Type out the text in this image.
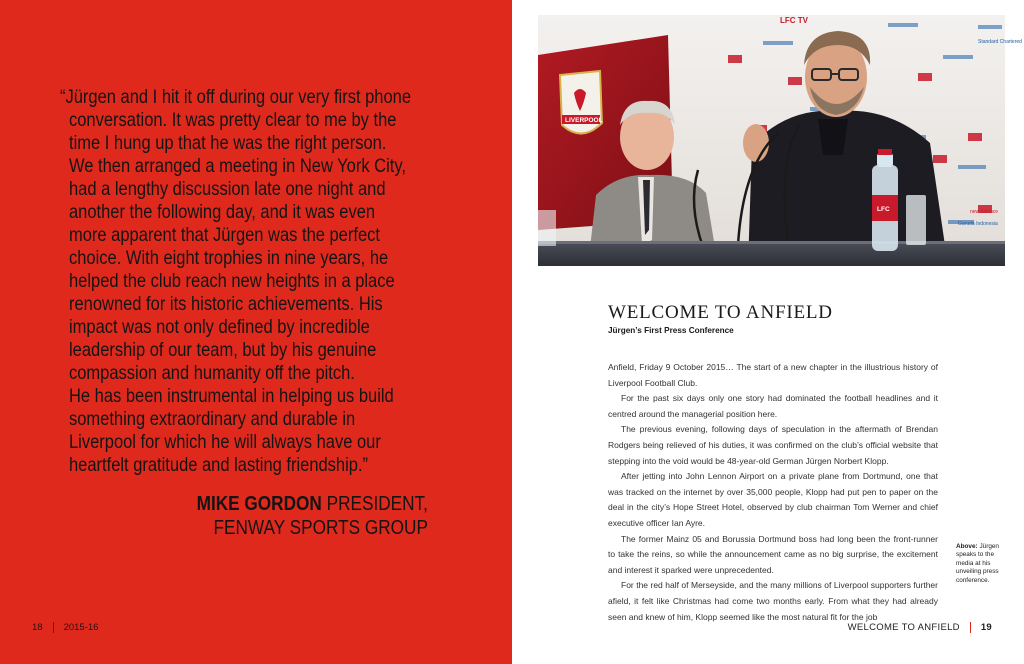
“Jürgen and I hit it off during our very first phone

conversation. It was pretty clear to me by the

time I hung up that he was the right person.

We then arranged a meeting in New York City,

had a lengthy discussion late one night and

another the following day, and it was even

more apparent that Jürgen was the perfect

choice. With eight trophies in nine years, he

helped the club reach new heights in a place

renowned for its historic achievements. His

impact was not only defined by incredible

leadership of our team, but by his genuine

compassion and humanity off the pitch.

He has been instrumental in helping us build

something extraordinary and durable in

Liverpool for which he will always have our

heartfelt gratitude and lasting friendship.”

MIKE GORDON PRESIDENT,
FENWAY SPORTS GROUP
18 2015-16
LFC TV
Standard Chartered
Garuda Indonesia
new balance
LIVERPOOL
LFC
WELCOME TO ANFIELD
Jürgen’s First Press Conference

Anfield, Friday 9 October 2015… The start of a new chapter in the illustrious history of Liverpool Football Club.

For the past six days only one story had dominated the football headlines and it centred around the managerial position here.

The previous evening, following days of speculation in the aftermath of Brendan Rodgers being relieved of his duties, it was confirmed on the club’s official website that stepping into the void would be 48-year-old German Jürgen Norbert Klopp.

After jetting into John Lennon Airport on a private plane from Dortmund, one that was tracked on the internet by over 35,000 people, Klopp had put pen to paper on the deal in the city’s Hope Street Hotel, observed by club chairman Tom Werner and chief executive officer Ian Ayre.

The former Mainz 05 and Borussia Dortmund boss had long been the front-runner to take the reins, so while the announcement came as no big surprise, the excitement and interest it sparked were unprecedented.

For the red half of Merseyside, and the many millions of Liverpool supporters further afield, it felt like Christmas had come two months early. From what they had already seen and knew of him, Klopp seemed like the most natural fit for the job

Above: Jürgen speaks to the media at his unveiling press conference.
WELCOME TO ANFIELD 19
